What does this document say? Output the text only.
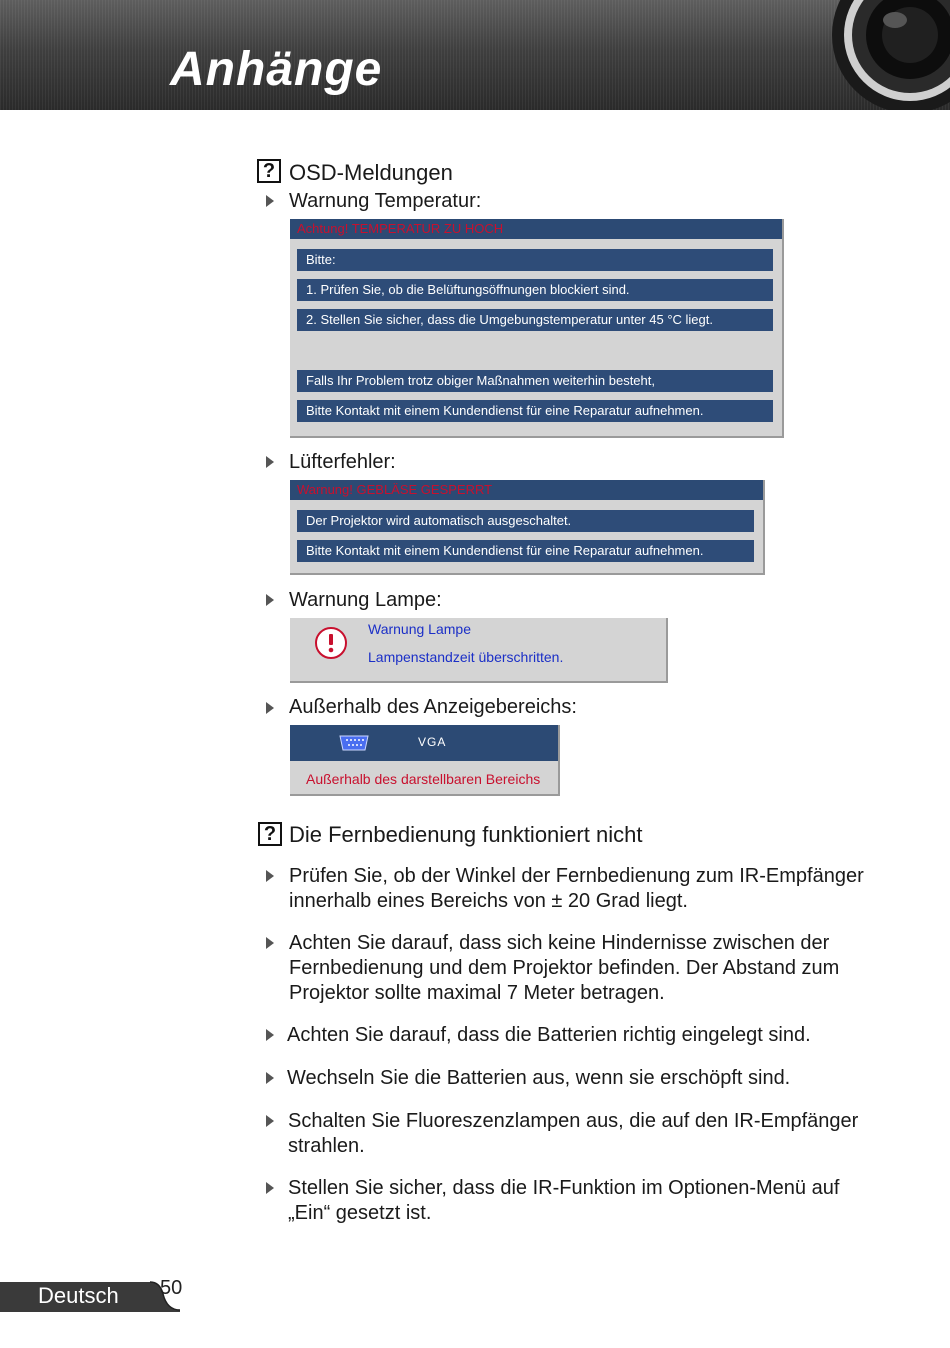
Anhänge
? OSD-Meldungen
Warnung Temperatur:
Achtung! TEMPERATUR ZU HOCH
Bitte:
1. Prüfen Sie, ob die Belüftungsöffnungen blockiert sind.
2. Stellen Sie sicher, dass die Umgebungstemperatur unter 45 °C liegt.
Falls Ihr Problem trotz obiger Maßnahmen weiterhin besteht,
Bitte Kontakt mit einem Kundendienst für eine Reparatur aufnehmen.
Lüfterfehler:
Warnung! GEBLÄSE GESPERRT
Der Projektor wird automatisch ausgeschaltet.
Bitte Kontakt mit einem Kundendienst für eine Reparatur aufnehmen.
Warnung Lampe:
Warnung Lampe
Lampenstandzeit überschritten.
Außerhalb des Anzeigebereichs:
VGA
Außerhalb des darstellbaren Bereichs
? Die Fernbedienung funktioniert nicht
Prüfen Sie, ob der Winkel der Fernbedienung zum IR-Empfänger
innerhalb eines Bereichs von ± 20 Grad liegt.
Achten Sie darauf, dass sich keine Hindernisse zwischen der
Fernbedienung und dem Projektor befinden. Der Abstand zum
Projektor sollte maximal 7 Meter betragen.
Achten Sie darauf, dass die Batterien richtig eingelegt sind.
Wechseln Sie die Batterien aus, wenn sie erschöpft sind.
Schalten Sie Fluoreszenzlampen aus, die auf den IR-Empfänger
strahlen.
Stellen Sie sicher, dass die IR-Funktion im Optionen-Menü auf
„Ein“ gesetzt ist.
Deutsch 50
